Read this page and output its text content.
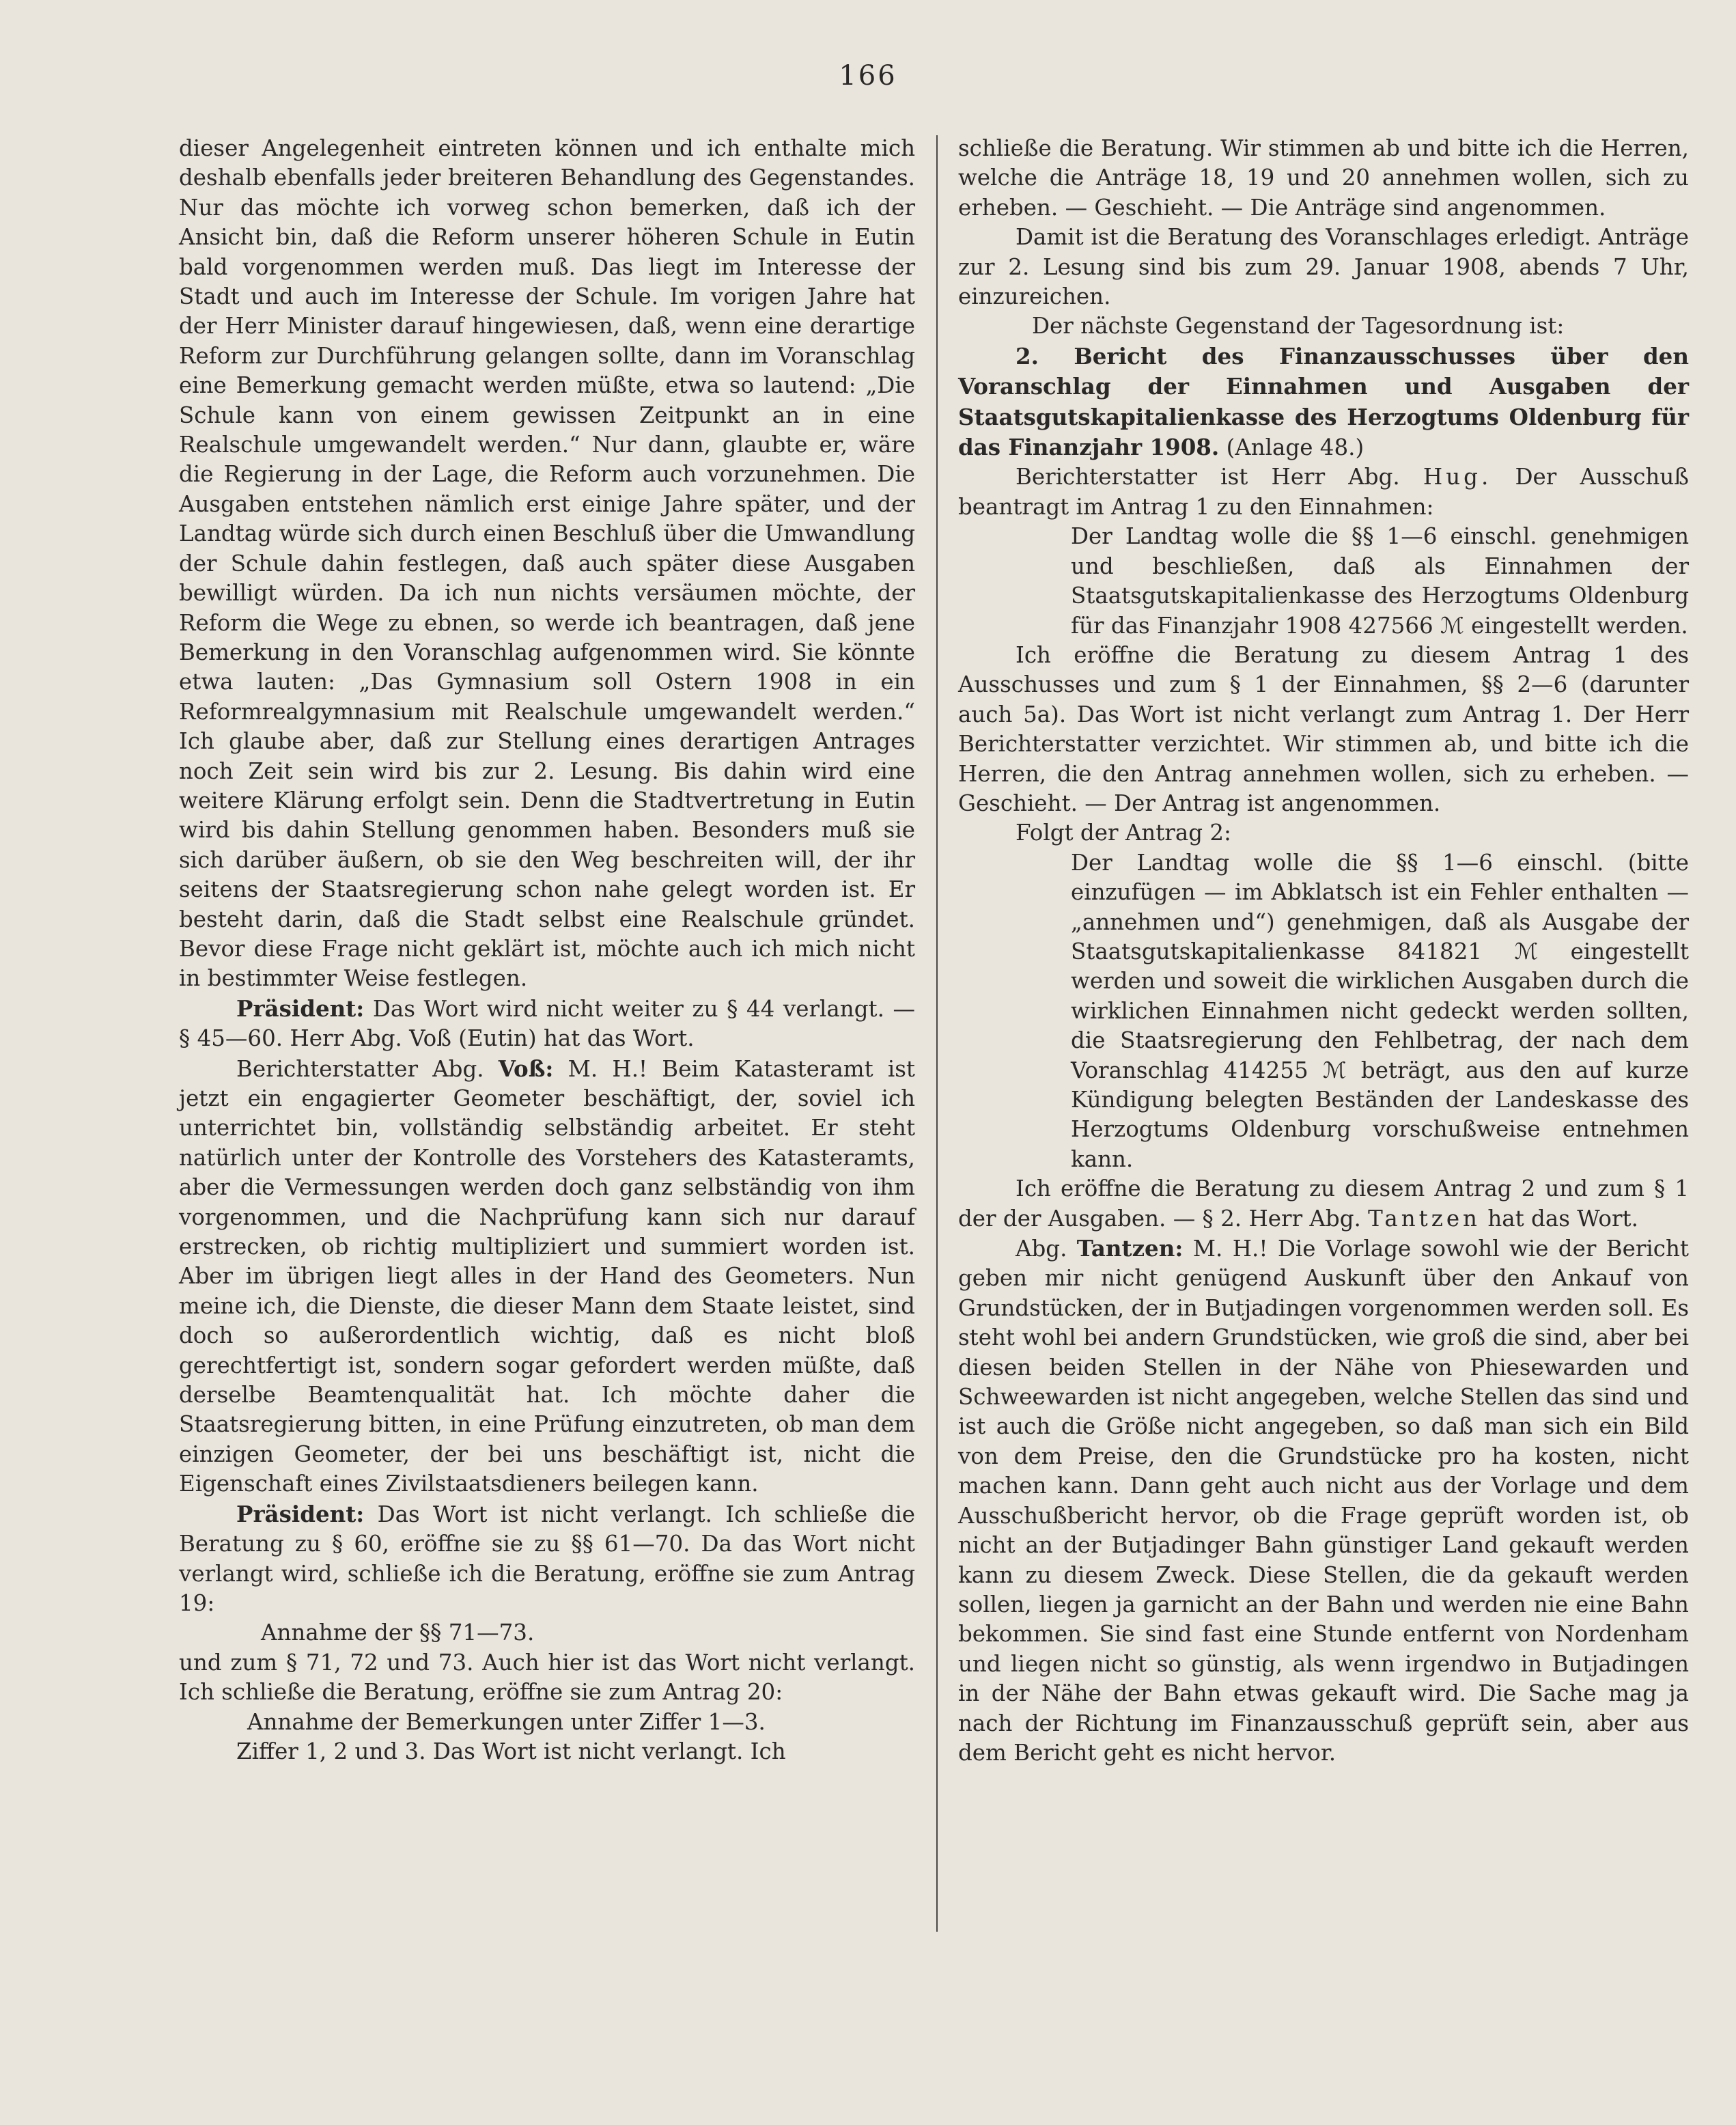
166

dieser Angelegenheit eintreten können und ich enthalte mich deshalb ebenfalls jeder breiteren Behandlung des Gegenstandes. Nur das möchte ich vorweg schon bemerken, daß ich der Ansicht bin, daß die Reform unserer höheren Schule in Eutin bald vorgenommen werden muß. Das liegt im Interesse der Stadt und auch im Interesse der Schule. Im vorigen Jahre hat der Herr Minister darauf hingewiesen, daß, wenn eine derartige Reform zur Durchführung gelangen sollte, dann im Voranschlag eine Bemerkung gemacht werden müßte, etwa so lautend: „Die Schule kann von einem gewissen Zeitpunkt an in eine Realschule umgewandelt werden.“ Nur dann, glaubte er, wäre die Regierung in der Lage, die Reform auch vorzunehmen. Die Ausgaben entstehen nämlich erst einige Jahre später, und der Landtag würde sich durch einen Beschluß über die Umwandlung der Schule dahin festlegen, daß auch später diese Ausgaben bewilligt würden. Da ich nun nichts versäumen möchte, der Reform die Wege zu ebnen, so werde ich beantragen, daß jene Bemerkung in den Voranschlag aufgenommen wird. Sie könnte etwa lauten: „Das Gymnasium soll Ostern 1908 in ein Reformrealgymnasium mit Realschule umgewandelt werden.“ Ich glaube aber, daß zur Stellung eines derartigen Antrages noch Zeit sein wird bis zur 2. Lesung. Bis dahin wird eine weitere Klärung erfolgt sein. Denn die Stadtvertretung in Eutin wird bis dahin Stellung genommen haben. Besonders muß sie sich darüber äußern, ob sie den Weg beschreiten will, der ihr seitens der Staatsregierung schon nahe gelegt worden ist. Er besteht darin, daß die Stadt selbst eine Realschule gründet. Bevor diese Frage nicht geklärt ist, möchte auch ich mich nicht in bestimmter Weise festlegen.

Präsident: Das Wort wird nicht weiter zu § 44 verlangt. — § 45—60. Herr Abg. Voß (Eutin) hat das Wort.

Berichterstatter Abg. Voß: M. H.! Beim Katasteramt ist jetzt ein engagierter Geometer beschäftigt, der, soviel ich unterrichtet bin, vollständig selbständig arbeitet. Er steht natürlich unter der Kontrolle des Vorstehers des Katasteramts, aber die Vermessungen werden doch ganz selbständig von ihm vorgenommen, und die Nachprüfung kann sich nur darauf erstrecken, ob richtig multipliziert und summiert worden ist. Aber im übrigen liegt alles in der Hand des Geometers. Nun meine ich, die Dienste, die dieser Mann dem Staate leistet, sind doch so außerordentlich wichtig, daß es nicht bloß gerechtfertigt ist, sondern sogar gefordert werden müßte, daß derselbe Beamtenqualität hat. Ich möchte daher die Staatsregierung bitten, in eine Prüfung einzutreten, ob man dem einzigen Geometer, der bei uns beschäftigt ist, nicht die Eigenschaft eines Zivilstaatsdieners beilegen kann.

Präsident: Das Wort ist nicht verlangt. Ich schließe die Beratung zu § 60, eröffne sie zu §§ 61—70. Da das Wort nicht verlangt wird, schließe ich die Beratung, eröffne sie zum Antrag 19:

Annahme der §§ 71—73.

und zum § 71, 72 und 73. Auch hier ist das Wort nicht verlangt. Ich schließe die Beratung, eröffne sie zum Antrag 20:

Annahme der Bemerkungen unter Ziffer 1—3.

Ziffer 1, 2 und 3. Das Wort ist nicht verlangt. Ich

schließe die Beratung. Wir stimmen ab und bitte ich die Herren, welche die Anträge 18, 19 und 20 annehmen wollen, sich zu erheben. — Geschieht. — Die Anträge sind angenommen.

Damit ist die Beratung des Voranschlages erledigt. Anträge zur 2. Lesung sind bis zum 29. Januar 1908, abends 7 Uhr, einzureichen.

Der nächste Gegenstand der Tagesordnung ist:

2. Bericht des Finanzausschusses über den Voranschlag der Einnahmen und Ausgaben der Staatsgutskapitalienkasse des Herzogtums Oldenburg für das Finanzjahr 1908. (Anlage 48.)

Berichterstatter ist Herr Abg. Hug. Der Ausschuß beantragt im Antrag 1 zu den Einnahmen:

Der Landtag wolle die §§ 1—6 einschl. genehmigen und beschließen, daß als Einnahmen der Staatsgutskapitalienkasse des Herzogtums Oldenburg für das Finanzjahr 1908 427566 ℳ eingestellt werden.

Ich eröffne die Beratung zu diesem Antrag 1 des Ausschusses und zum § 1 der Einnahmen, §§ 2—6 (darunter auch 5a). Das Wort ist nicht verlangt zum Antrag 1. Der Herr Berichterstatter verzichtet. Wir stimmen ab, und bitte ich die Herren, die den Antrag annehmen wollen, sich zu erheben. — Geschieht. — Der Antrag ist angenommen.

Folgt der Antrag 2:

Der Landtag wolle die §§ 1—6 einschl. (bitte einzufügen — im Abklatsch ist ein Fehler enthalten — „annehmen und“) genehmigen, daß als Ausgabe der Staatsgutskapitalienkasse 841821 ℳ eingestellt werden und soweit die wirklichen Ausgaben durch die wirklichen Einnahmen nicht gedeckt werden sollten, die Staatsregierung den Fehlbetrag, der nach dem Voranschlag 414255 ℳ beträgt, aus den auf kurze Kündigung belegten Beständen der Landeskasse des Herzogtums Oldenburg vorschußweise entnehmen kann.

Ich eröffne die Beratung zu diesem Antrag 2 und zum § 1 der der Ausgaben. — § 2. Herr Abg. Tantzen hat das Wort.

Abg. Tantzen: M. H.! Die Vorlage sowohl wie der Bericht geben mir nicht genügend Auskunft über den Ankauf von Grundstücken, der in Butjadingen vorgenommen werden soll. Es steht wohl bei andern Grundstücken, wie groß die sind, aber bei diesen beiden Stellen in der Nähe von Phiesewarden und Schweewarden ist nicht angegeben, welche Stellen das sind und ist auch die Größe nicht angegeben, so daß man sich ein Bild von dem Preise, den die Grundstücke pro ha kosten, nicht machen kann. Dann geht auch nicht aus der Vorlage und dem Ausschußbericht hervor, ob die Frage geprüft worden ist, ob nicht an der Butjadinger Bahn günstiger Land gekauft werden kann zu diesem Zweck. Diese Stellen, die da gekauft werden sollen, liegen ja garnicht an der Bahn und werden nie eine Bahn bekommen. Sie sind fast eine Stunde entfernt von Nordenham und liegen nicht so günstig, als wenn irgendwo in Butjadingen in der Nähe der Bahn etwas gekauft wird. Die Sache mag ja nach der Richtung im Finanzausschuß geprüft sein, aber aus dem Bericht geht es nicht hervor.
